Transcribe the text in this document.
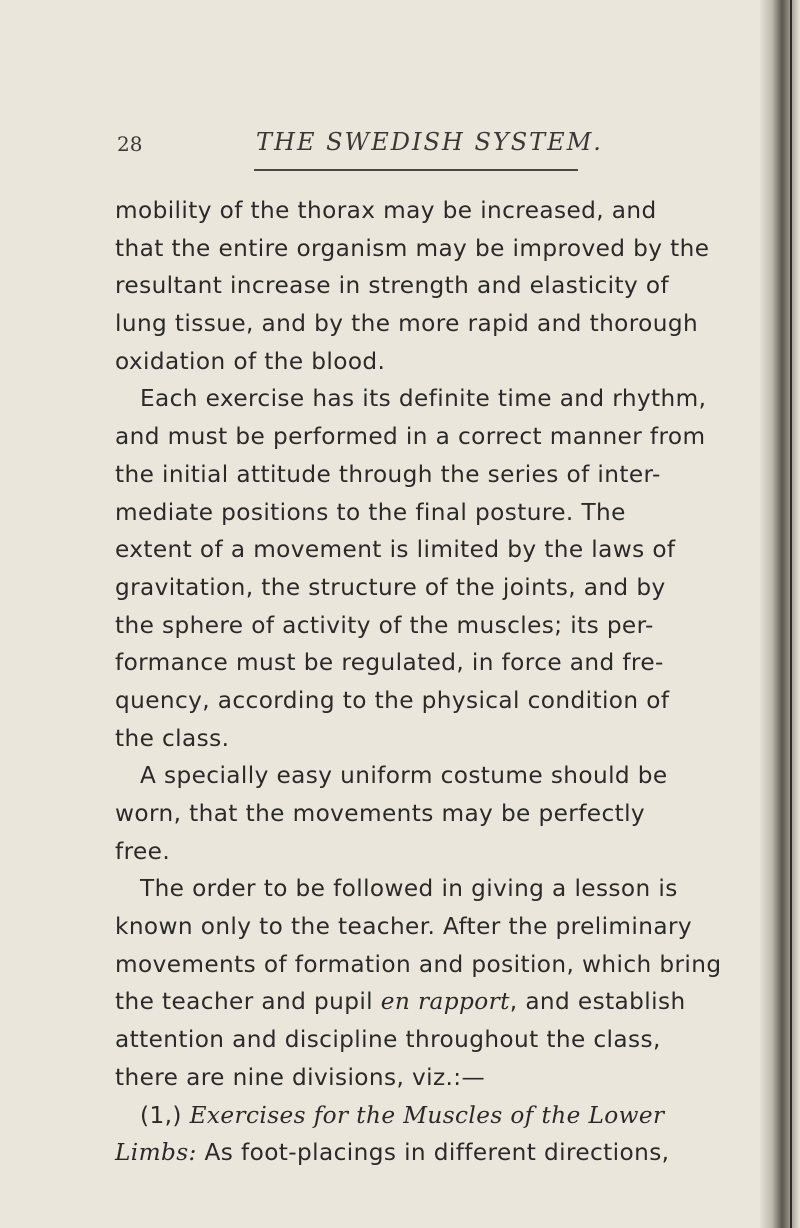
28	THE SWEDISH SYSTEM.
mobility of the thorax may be increased, and
that the entire organism may be improved by the
resultant increase in strength and elasticity of
lung tissue, and by the more rapid and thorough
oxidation of the blood.
Each exercise has its definite time and rhythm,
and must be performed in a correct manner from
the initial attitude through the series of inter-
mediate positions to the final posture. The
extent of a movement is limited by the laws of
gravitation, the structure of the joints, and by
the sphere of activity of the muscles; its per-
formance must be regulated, in force and fre-
quency, according to the physical condition of
the class.
A specially easy uniform costume should be
worn, that the movements may be perfectly
free.
The order to be followed in giving a lesson is
known only to the teacher. After the preliminary
movements of formation and position, which bring
the teacher and pupil en rapport, and establish
attention and discipline throughout the class,
there are nine divisions, viz.:—
(1,) Exercises for the Muscles of the Lower
Limbs: As foot-placings in different directions,
